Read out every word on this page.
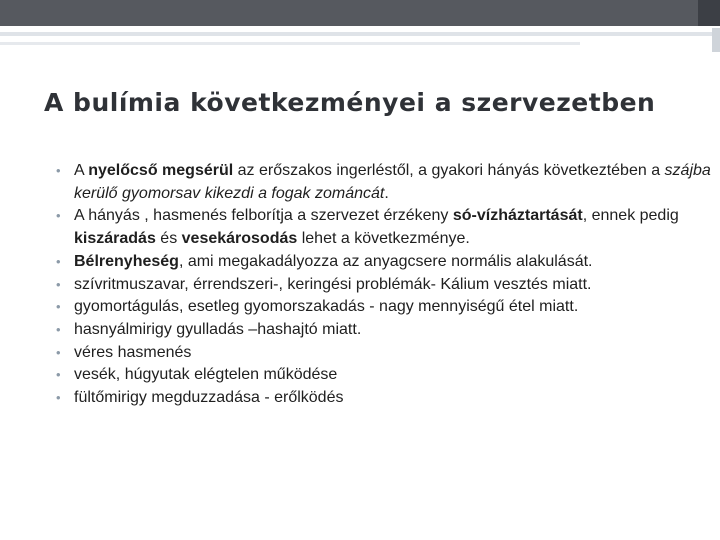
A bulímia következményei a szervezetben
• A nyelőcső megsérül az erőszakos ingerléstől, a gyakori hányás következtében a szájba kerülő gyomorsav kikezdi a fogak zománcát.
• A hányás , hasmenés felborítja a szervezet érzékeny só-vízháztartását, ennek pedig kiszáradás és vesekárosodás lehet a következménye.
• Bélrenyheség, ami megakadályozza az anyagcsere normális alakulását.
• szívritmuszavar, érrendszeri-, keringési problémák- Kálium vesztés miatt.
• gyomortágulás, esetleg gyomorszakadás - nagy mennyiségű étel miatt.
• hasnyálmirigy gyulladás –hashajtó miatt.
• véres hasmenés
• vesék, húgyutak elégtelen működése
• fültőmirigy megduzzadása - erőlködés
